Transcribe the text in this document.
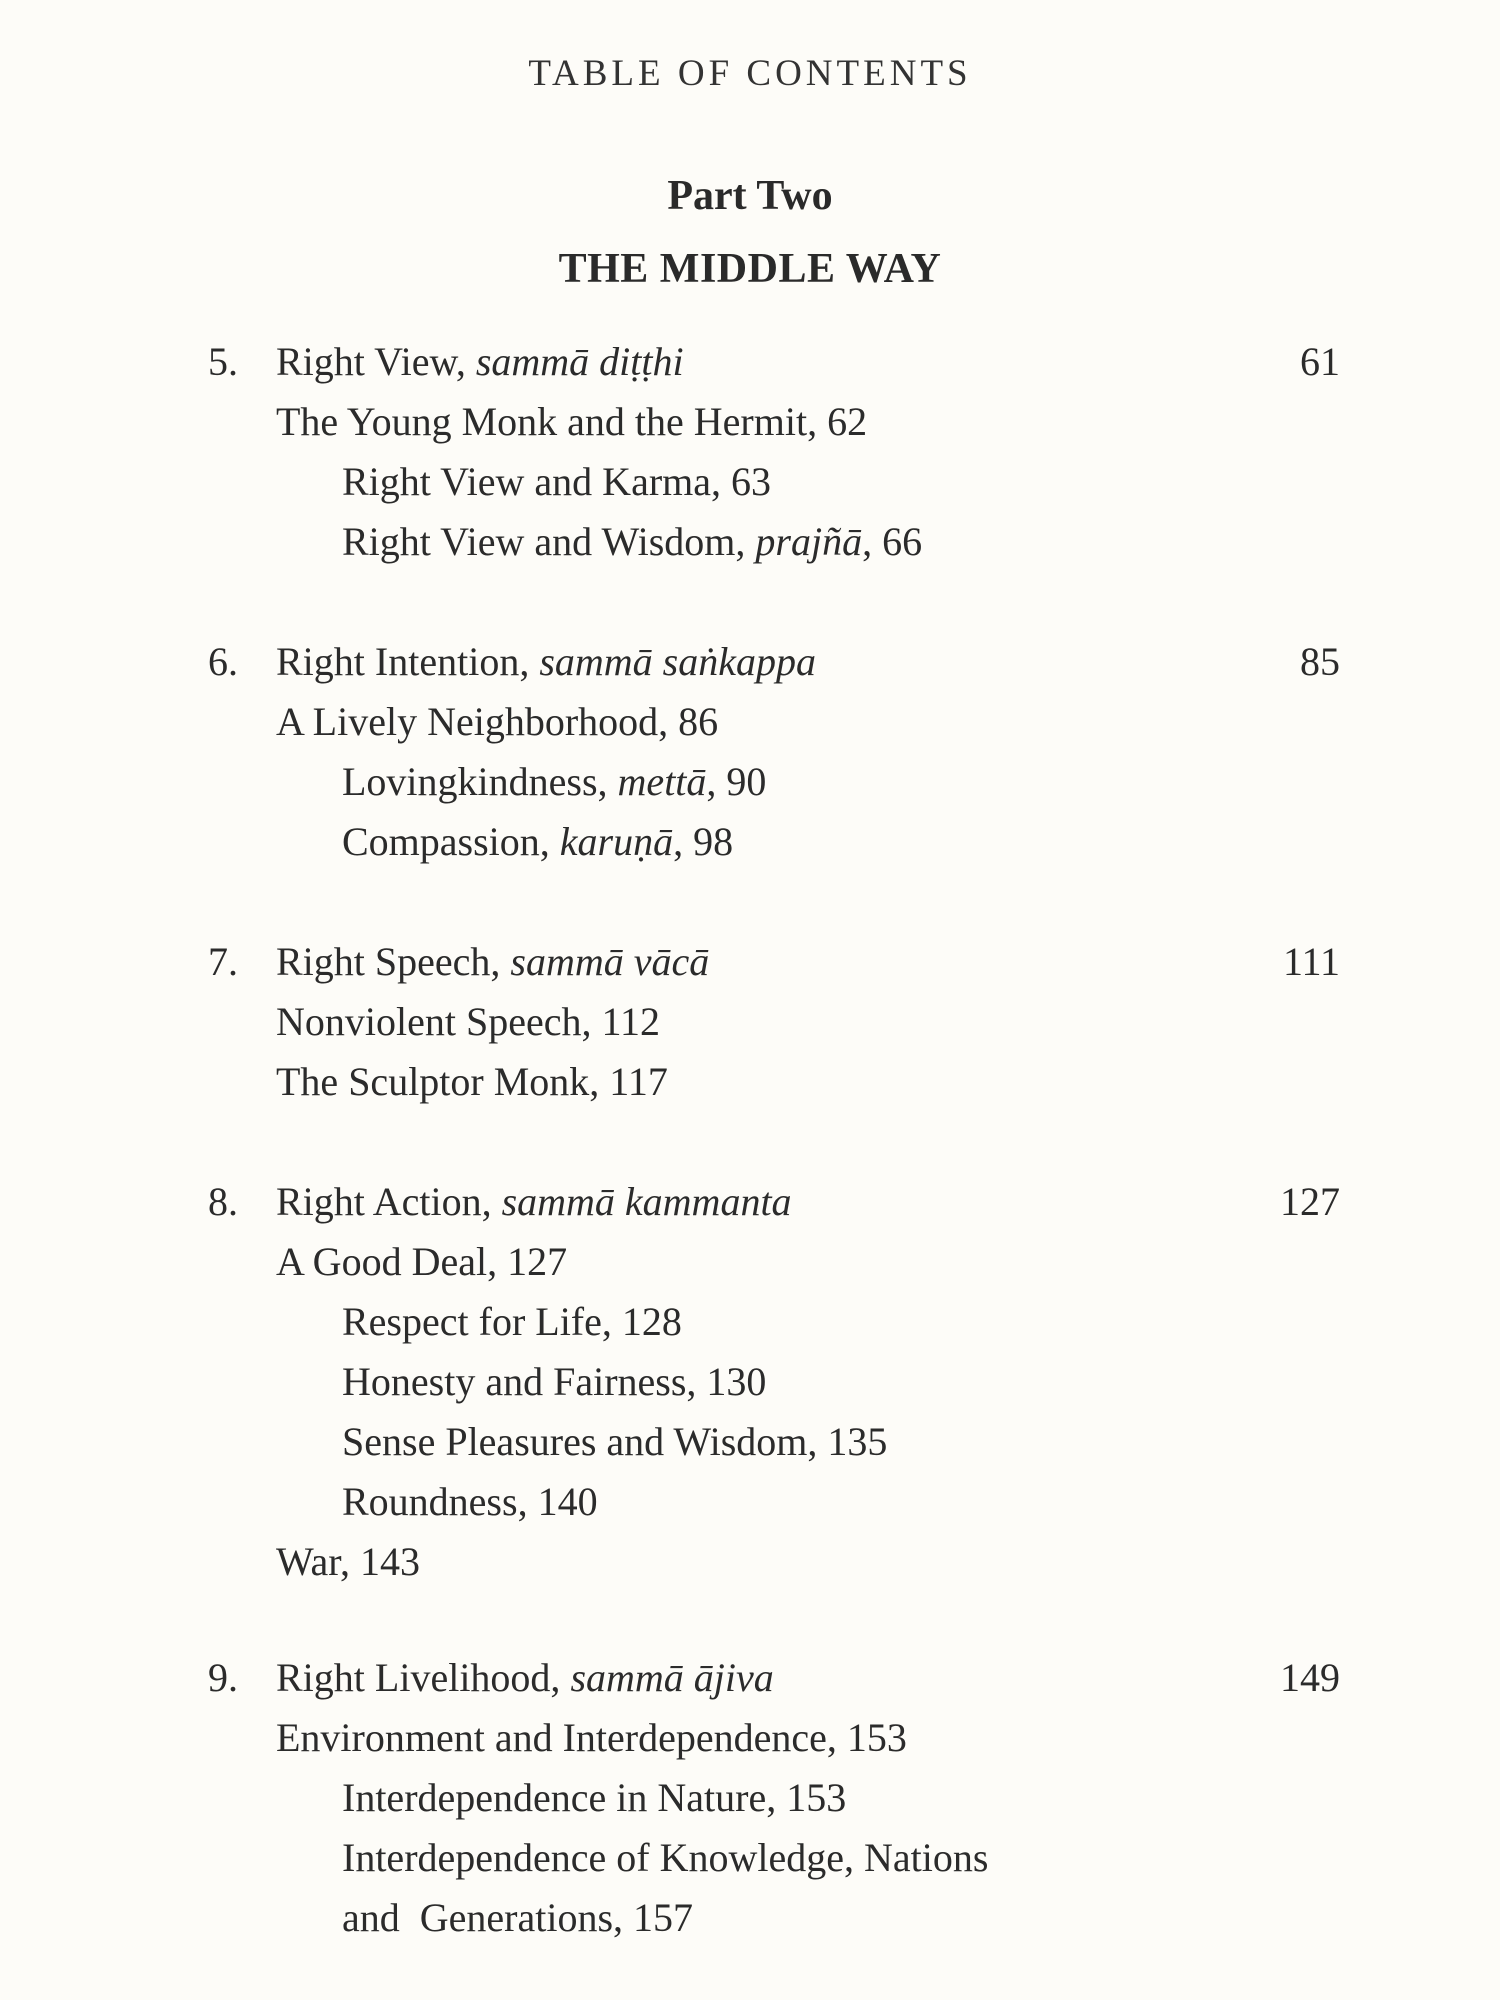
TABLE OF CONTENTS
Part Two
THE MIDDLE WAY
5. Right View, sammā diṭṭhi	61
The Young Monk and the Hermit, 62
Right View and Karma, 63
Right View and Wisdom, prajñā, 66
6. Right Intention, sammā saṅkappa	85
A Lively Neighborhood, 86
Lovingkindness, mettā, 90
Compassion, karuṇā, 98
7. Right Speech, sammā vācā	111
Nonviolent Speech, 112
The Sculptor Monk, 117
8. Right Action, sammā kammanta	127
A Good Deal, 127
Respect for Life, 128
Honesty and Fairness, 130
Sense Pleasures and Wisdom, 135
Roundness, 140
War, 143
9. Right Livelihood, sammā ājiva	149
Environment and Interdependence, 153
Interdependence in Nature, 153
Interdependence of Knowledge, Nations
and  Generations, 157
